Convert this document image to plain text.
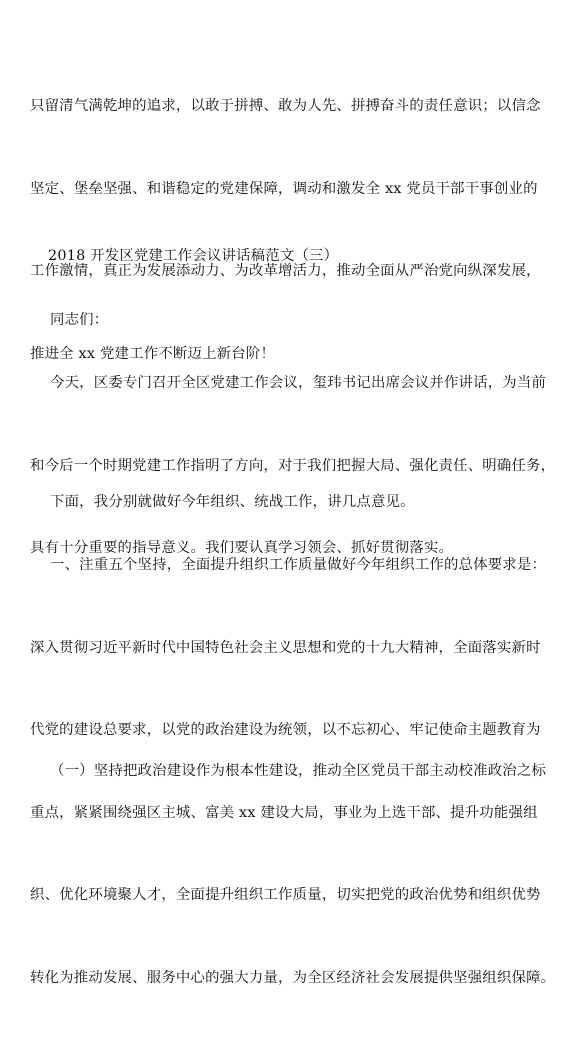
只留清气满乾坤的追求，以敢于拼搏、敢为人先、拼搏奋斗的责任意识；以信念

坚定、堡垒坚强、和谐稳定的党建保障，调动和激发全 xx 党员干部干事创业的

工作激情，真正为发展添动力、为改革增活力，推动全面从严治党向纵深发展，

推进全 xx 党建工作不断迈上新台阶！

2018 开发区党建工作会议讲话稿范文（三）

同志们：

今天，区委专门召开全区党建工作会议，玺玮书记出席会议并作讲话，为当前

和今后一个时期党建工作指明了方向，对于我们把握大局、强化责任、明确任务，

具有十分重要的指导意义。我们要认真学习领会、抓好贯彻落实。

下面，我分别就做好今年组织、统战工作，讲几点意见。

一、注重五个坚持，全面提升组织工作质量做好今年组织工作的总体要求是：

深入贯彻习近平新时代中国特色社会主义思想和党的十九大精神，全面落实新时

代党的建设总要求，以党的政治建设为统领，以不忘初心、牢记使命主题教育为

重点，紧紧围绕强区主城、富美 xx 建设大局，事业为上选干部、提升功能强组

织、优化环境聚人才，全面提升组织工作质量，切实把党的政治优势和组织优势

转化为推动发展、服务中心的强大力量，为全区经济社会发展提供坚强组织保障。

（一）坚持把政治建设作为根本性建设，推动全区党员干部主动校准政治之标
